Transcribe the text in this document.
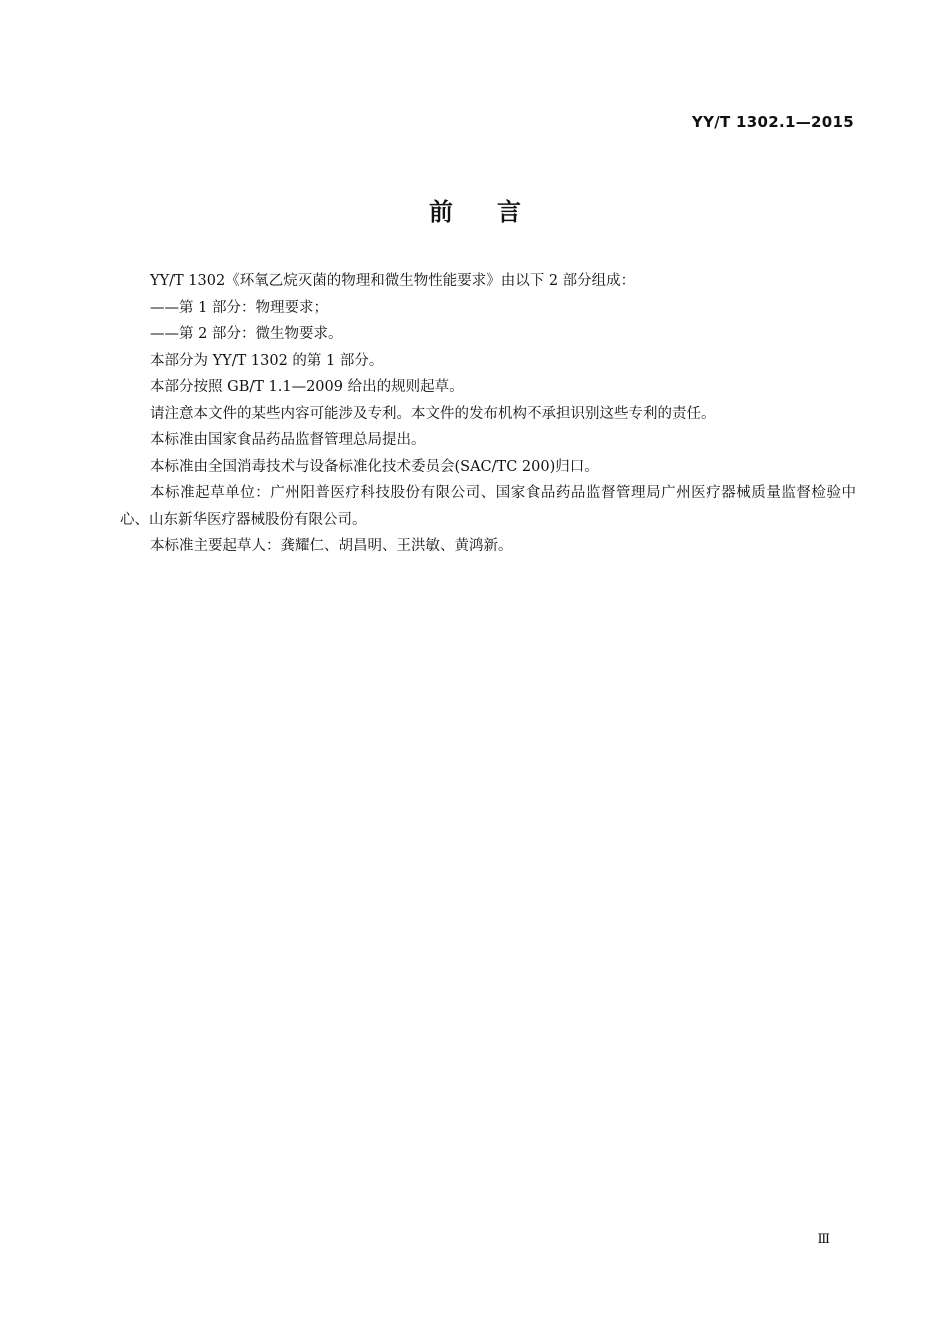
YY/T 1302.1—2015
前言

YY/T 1302《环氧乙烷灭菌的物理和微生物性能要求》由以下 2 部分组成：

——第 1 部分：物理要求；

——第 2 部分：微生物要求。

本部分为 YY/T 1302 的第 1 部分。

本部分按照 GB/T 1.1—2009 给出的规则起草。

请注意本文件的某些内容可能涉及专利。本文件的发布机构不承担识别这些专利的责任。

本标准由国家食品药品监督管理总局提出。

本标准由全国消毒技术与设备标准化技术委员会(SAC/TC 200)归口。

本标准起草单位：广州阳普医疗科技股份有限公司、国家食品药品监督管理局广州医疗器械质量监督检验中心、山东新华医疗器械股份有限公司。

本标准主要起草人：龚耀仁、胡昌明、王洪敏、黄鸿新。

Ⅲ
